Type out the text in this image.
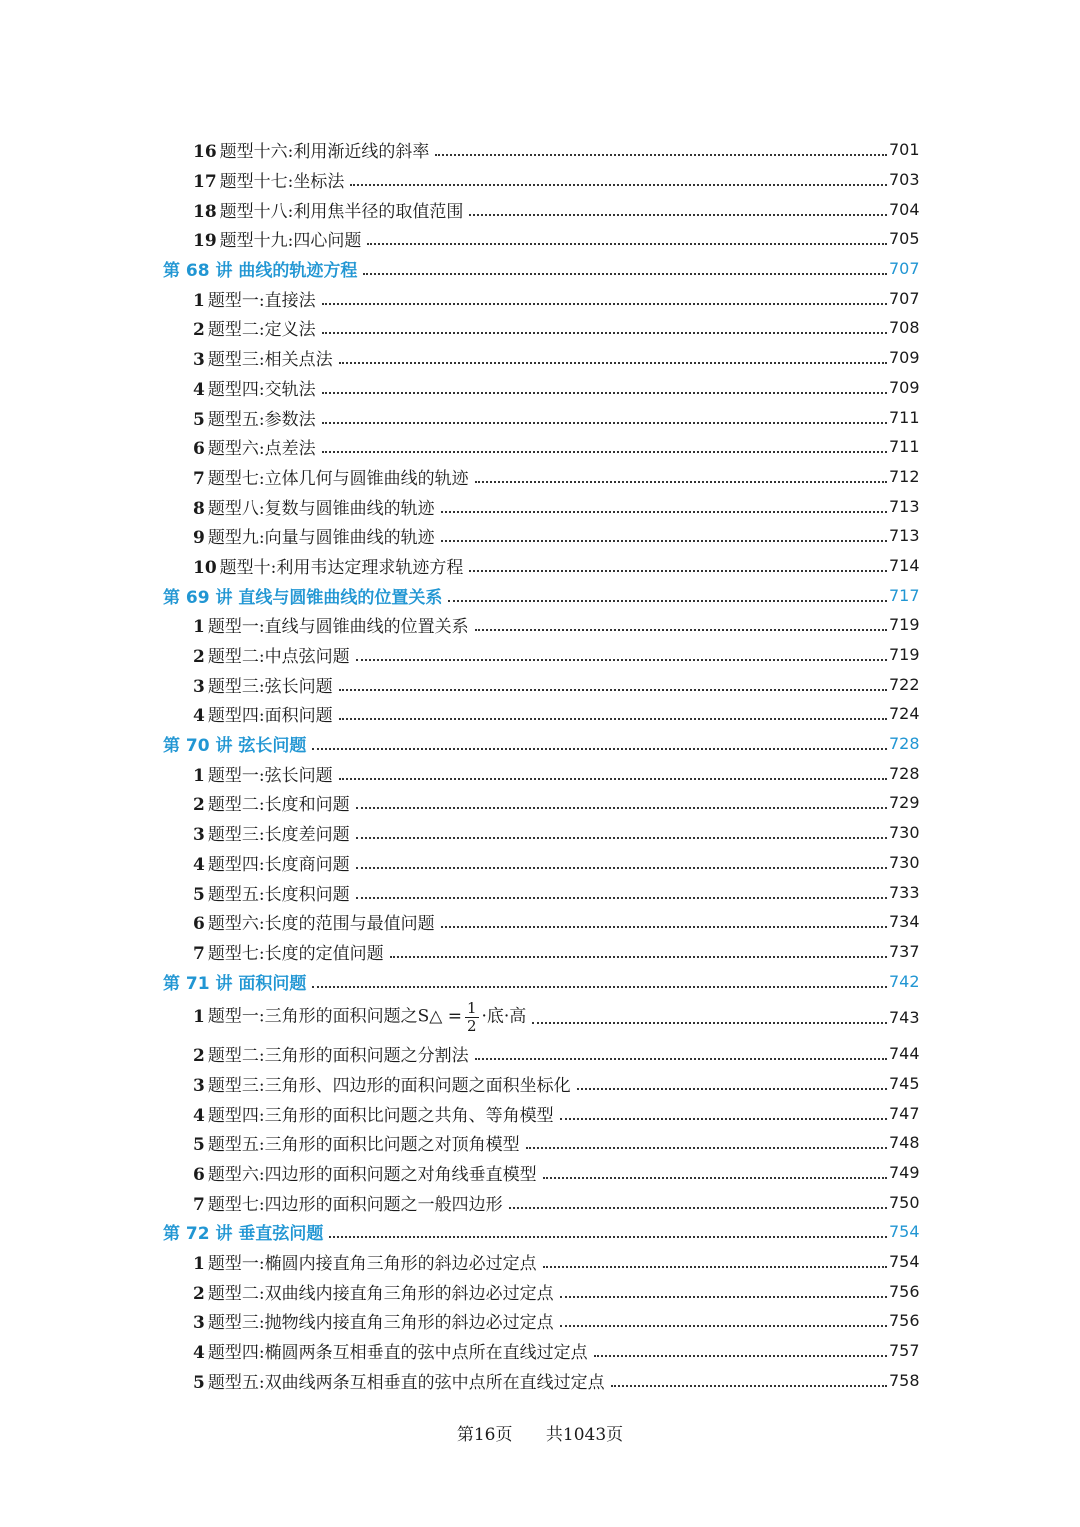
16 题型十六:利用渐近线的斜率	701
17 题型十七:坐标法	703
18 题型十八:利用焦半径的取值范围	704
19 题型十九:四心问题	705
第 68 讲 曲线的轨迹方程	707
1 题型一:直接法	707
2 题型二:定义法	708
3 题型三:相关点法	709
4 题型四:交轨法	709
5 题型五:参数法	711
6 题型六:点差法	711
7 题型七:立体几何与圆锥曲线的轨迹	712
8 题型八:复数与圆锥曲线的轨迹	713
9 题型九:向量与圆锥曲线的轨迹	713
10 题型十:利用韦达定理求轨迹方程	714
第 69 讲 直线与圆锥曲线的位置关系	717
1 题型一:直线与圆锥曲线的位置关系	719
2 题型二:中点弦问题	719
3 题型三:弦长问题	722
4 题型四:面积问题	724
第 70 讲 弦长问题	728
1 题型一:弦长问题	728
2 题型二:长度和问题	729
3 题型三:长度差问题	730
4 题型四:长度商问题	730
5 题型五:长度积问题	733
6 题型六:长度的范围与最值问题	734
7 题型七:长度的定值问题	737
第 71 讲 面积问题	742
1 题型一:三角形的面积问题之S△ = $\frac{1}{2}$ ·底·高	743
2 题型二:三角形的面积问题之分割法	744
3 题型三:三角形、四边形的面积问题之面积坐标化	745
4 题型四:三角形的面积比问题之共角、等角模型	747
5 题型五:三角形的面积比问题之对顶角模型	748
6 题型六:四边形的面积问题之对角线垂直模型	749
7 题型七:四边形的面积问题之一般四边形	750
第 72 讲 垂直弦问题	754
1 题型一:椭圆内接直角三角形的斜边必过定点	754
2 题型二:双曲线内接直角三角形的斜边必过定点	756
3 题型三:抛物线内接直角三角形的斜边必过定点	756
4 题型四:椭圆两条互相垂直的弦中点所在直线过定点	757
5 题型五:双曲线两条互相垂直的弦中点所在直线过定点	758
第16页 共1043页
